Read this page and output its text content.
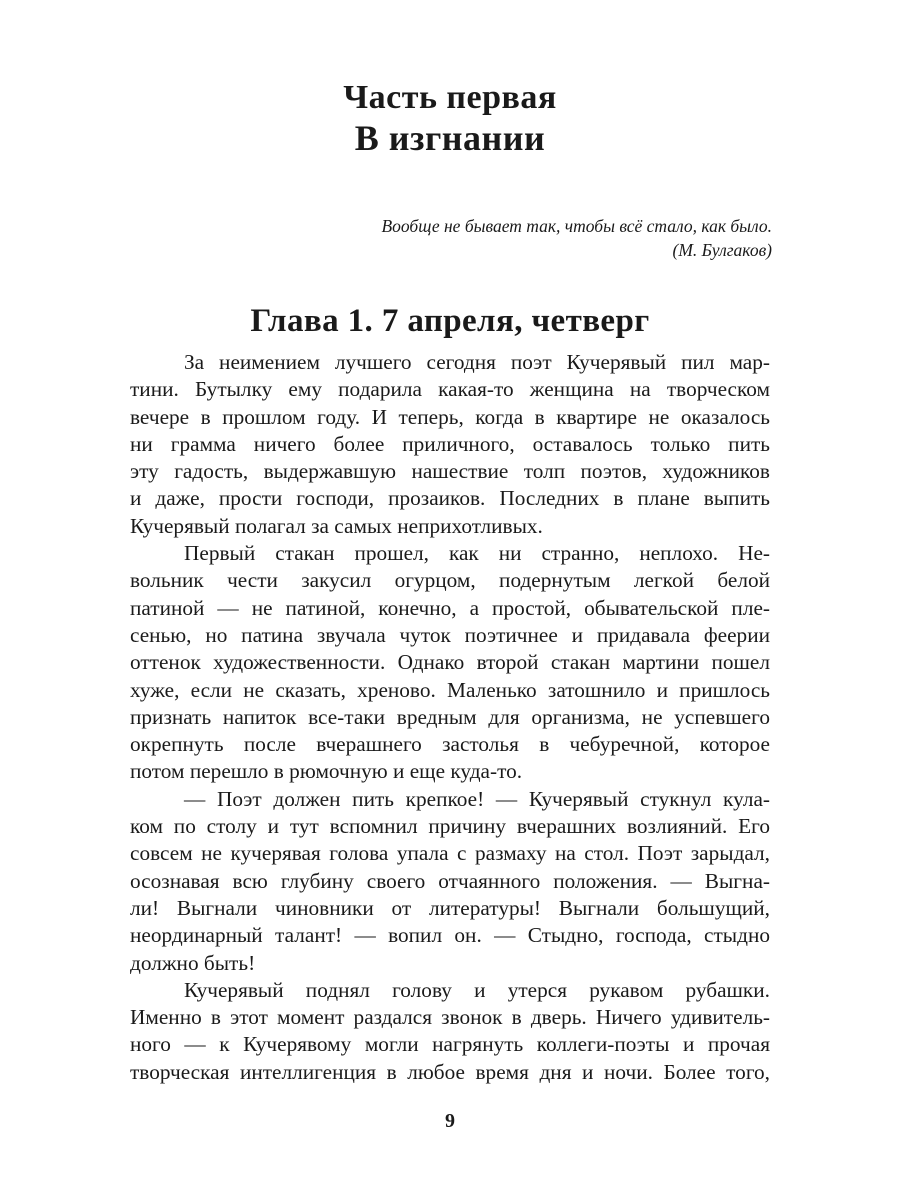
Часть первая
В изгнании
Вообще не бывает так, чтобы всё стало, как было.
(М. Булгаков)
Глава 1. 7 апреля, четверг
За неимением лучшего сегодня поэт Кучерявый пил мар-
тини. Бутылку ему подарила какая-то женщина на творческом
вечере в прошлом году. И теперь, когда в квартире не оказалось
ни грамма ничего более приличного, оставалось только пить
эту гадость, выдержавшую нашествие толп поэтов, художников
и даже, прости господи, прозаиков. Последних в плане выпить
Кучерявый полагал за самых неприхотливых.
Первый стакан прошел, как ни странно, неплохо. Не-
вольник чести закусил огурцом, подернутым легкой белой
патиной — не патиной, конечно, а простой, обывательской пле-
сенью, но патина звучала чуток поэтичнее и придавала феерии
оттенок художественности. Однако второй стакан мартини пошел
хуже, если не сказать, хреново. Маленько затошнило и пришлось
признать напиток все-таки вредным для организма, не успевшего
окрепнуть после вчерашнего застолья в чебуречной, которое
потом перешло в рюмочную и еще куда-то.
— Поэт должен пить крепкое! — Кучерявый стукнул кула-
ком по столу и тут вспомнил причину вчерашних возлияний. Его
совсем не кучерявая голова упала с размаху на стол. Поэт зарыдал,
осознавая всю глубину своего отчаянного положения. — Выгна-
ли! Выгнали чиновники от литературы! Выгнали большущий,
неординарный талант! — вопил он. — Стыдно, господа, стыдно
должно быть!
Кучерявый поднял голову и утерся рукавом рубашки.
Именно в этот момент раздался звонок в дверь. Ничего удивитель-
ного — к Кучерявому могли нагрянуть коллеги-поэты и прочая
творческая интеллигенция в любое время дня и ночи. Более того,
9
